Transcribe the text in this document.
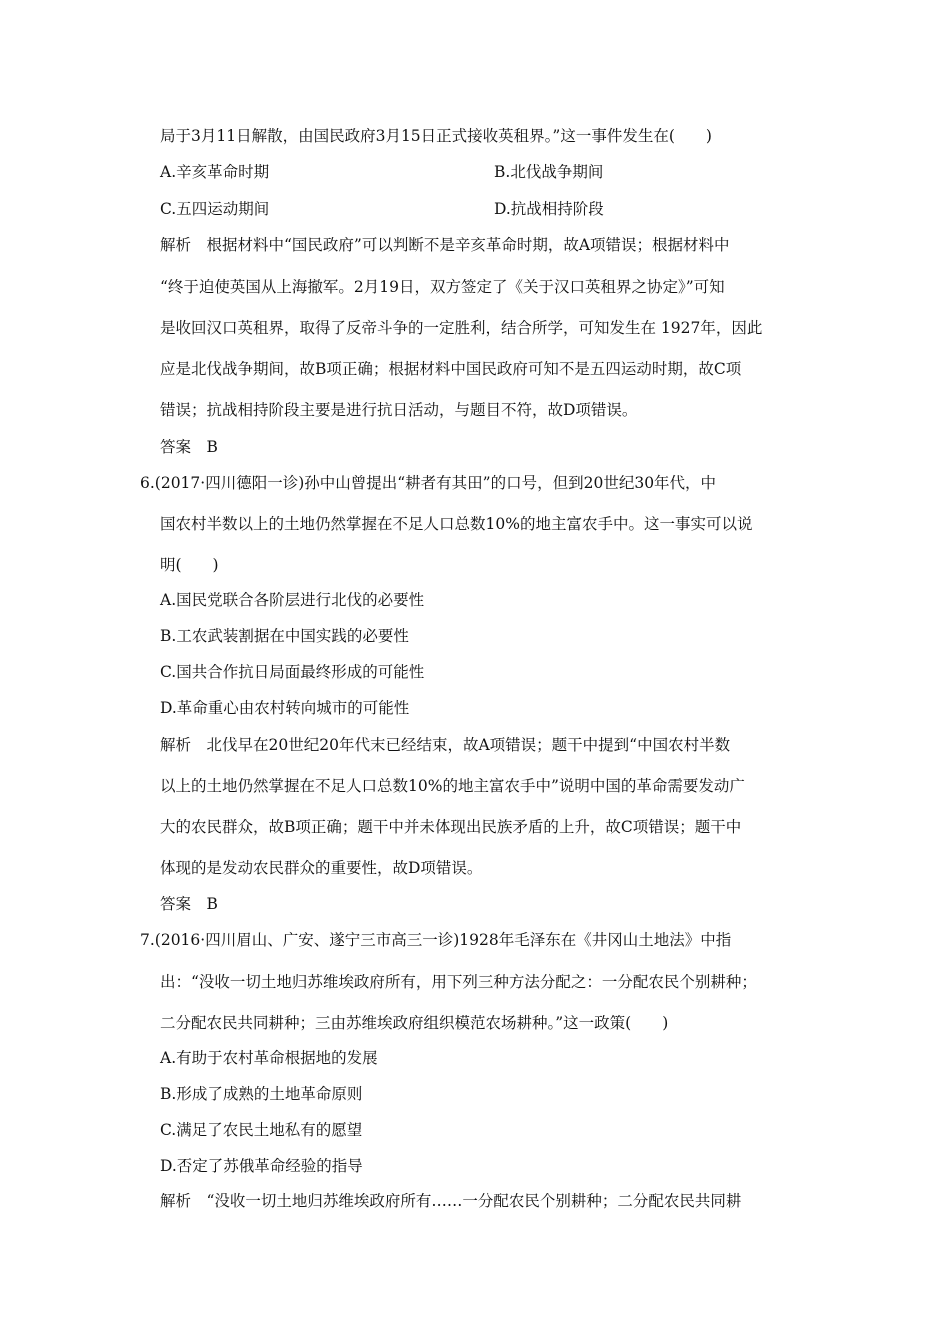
局于3月11日解散，由国民政府3月15日正式接收英租界。”这一事件发生在(　　)
A.辛亥革命时期	B.北伐战争期间
C.五四运动期间	D.抗战相持阶段
解析　根据材料中“国民政府”可以判断不是辛亥革命时期，故A项错误；根据材料中
“终于迫使英国从上海撤军。2月19日，双方签定了《关于汉口英租界之协定》”可知
是收回汉口英租界，取得了反帝斗争的一定胜利，结合所学，可知发生在 1927年，因此
应是北伐战争期间，故B项正确；根据材料中国民政府可知不是五四运动时期，故C项
错误；抗战相持阶段主要是进行抗日活动，与题目不符，故D项错误。
答案　B
6.(2017·四川德阳一诊)孙中山曾提出“耕者有其田”的口号，但到20世纪30年代，中
国农村半数以上的土地仍然掌握在不足人口总数10%的地主富农手中。这一事实可以说
明(　　)
A.国民党联合各阶层进行北伐的必要性
B.工农武装割据在中国实践的必要性
C.国共合作抗日局面最终形成的可能性
D.革命重心由农村转向城市的可能性
解析　北伐早在20世纪20年代末已经结束，故A项错误；题干中提到“中国农村半数
以上的土地仍然掌握在不足人口总数10%的地主富农手中”说明中国的革命需要发动广
大的农民群众，故B项正确；题干中并未体现出民族矛盾的上升，故C项错误；题干中
体现的是发动农民群众的重要性，故D项错误。
答案　B
7.(2016·四川眉山、广安、遂宁三市高三一诊)1928年毛泽东在《井冈山土地法》中指
出：“没收一切土地归苏维埃政府所有，用下列三种方法分配之：一分配农民个别耕种；
二分配农民共同耕种；三由苏维埃政府组织模范农场耕种。”这一政策(　　)
A.有助于农村革命根据地的发展
B.形成了成熟的土地革命原则
C.满足了农民土地私有的愿望
D.否定了苏俄革命经验的指导
解析　“没收一切土地归苏维埃政府所有……一分配农民个别耕种；二分配农民共同耕
